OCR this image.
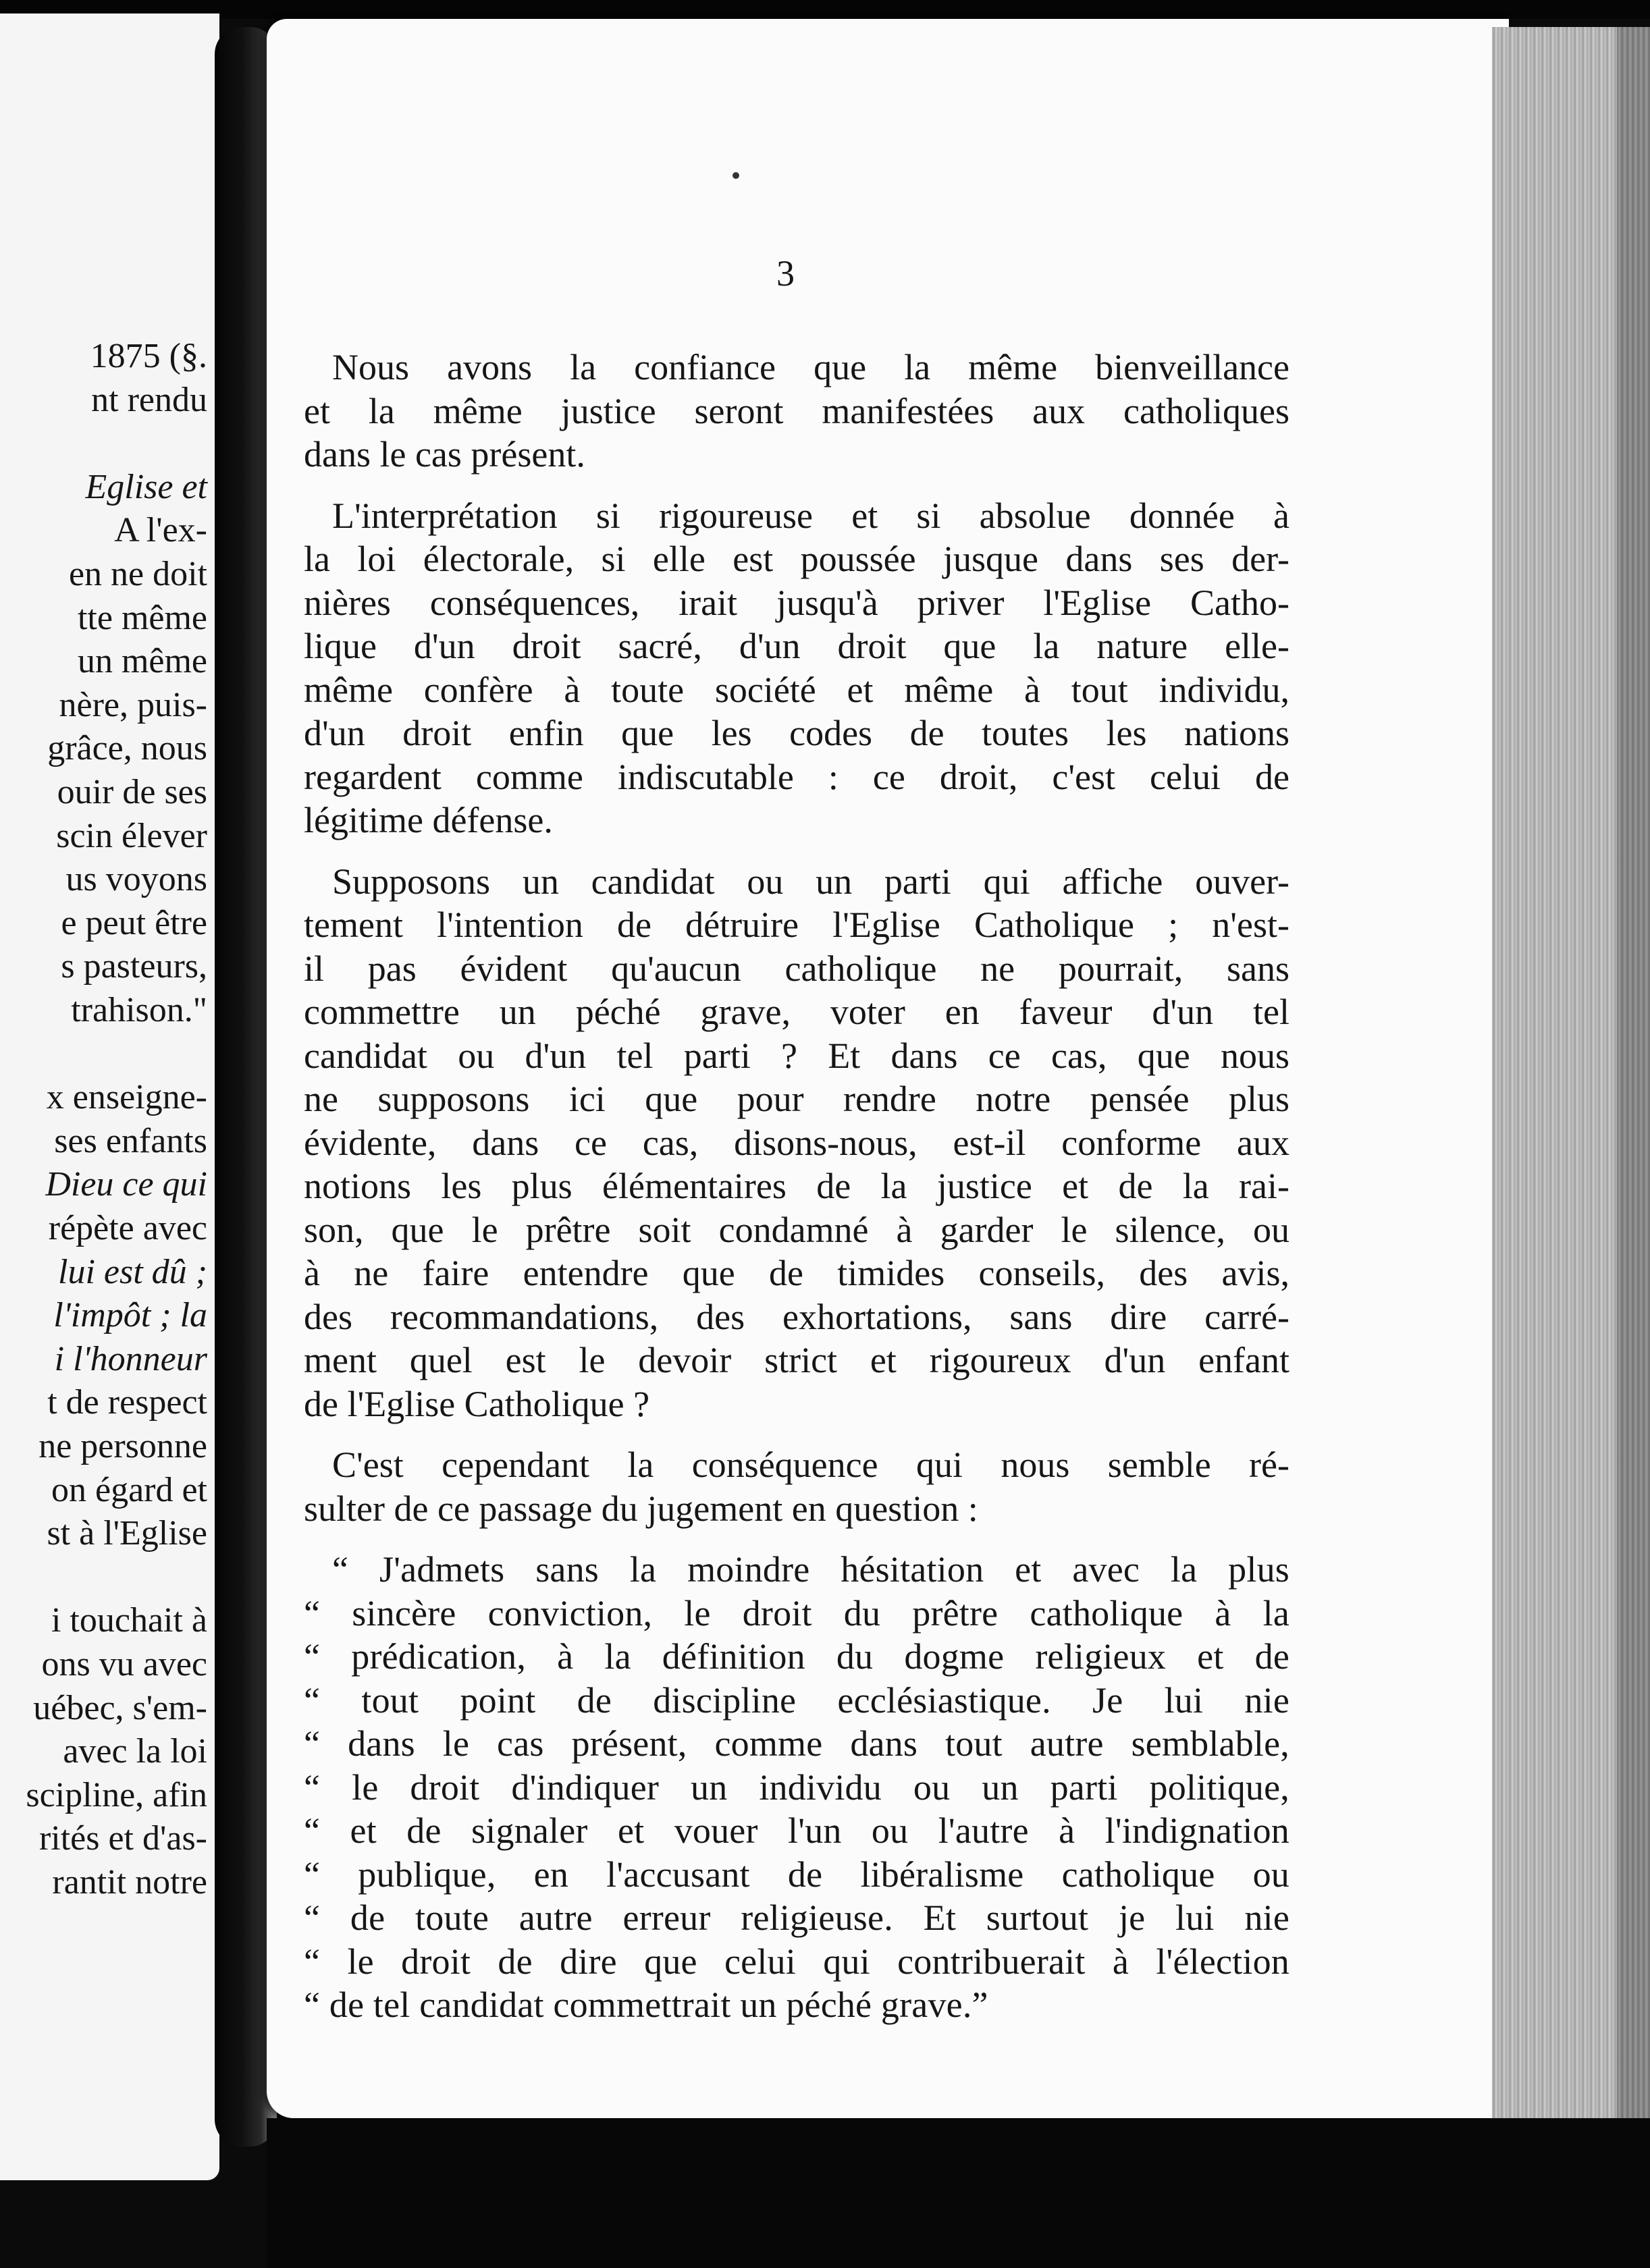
1875 (§.
nt rendu
Eglise et
A l'ex-
en ne doit
tte même
un même
nère, puis-
grâce, nous
ouir de ses
scin élever
us voyons
e peut être
s pasteurs,
trahison."
x enseigne-
ses enfants
Dieu ce qui
répète avec
lui est dû ;
l'impôt ; la
i l'honneur
t de respect
ne personne
on égard et
st à l'Eglise
i touchait à
ons vu avec
uébec, s'em-
avec la loi
scipline, afin
rités et d'as-
rantit notre
3

Nous avons la confiance que la même bienveillance
et la même justice seront manifestées aux catholiques
dans le cas présent.

L'interprétation si rigoureuse et si absolue donnée à
la loi électorale, si elle est poussée jusque dans ses der-
nières conséquences, irait jusqu'à priver l'Eglise Catho-
lique d'un droit sacré, d'un droit que la nature elle-
même confère à toute société et même à tout individu,
d'un droit enfin que les codes de toutes les nations
regardent comme indiscutable : ce droit, c'est celui de
légitime défense.

Supposons un candidat ou un parti qui affiche ouver-
tement l'intention de détruire l'Eglise Catholique ; n'est-
il pas évident qu'aucun catholique ne pourrait, sans
commettre un péché grave, voter en faveur d'un tel
candidat ou d'un tel parti ? Et dans ce cas, que nous
ne supposons ici que pour rendre notre pensée plus
évidente, dans ce cas, disons-nous, est-il conforme aux
notions les plus élémentaires de la justice et de la rai-
son, que le prêtre soit condamné à garder le silence, ou
à ne faire entendre que de timides conseils, des avis,
des recommandations, des exhortations, sans dire carré-
ment quel est le devoir strict et rigoureux d'un enfant
de l'Eglise Catholique ?

C'est cependant la conséquence qui nous semble ré-
sulter de ce passage du jugement en question :

“ J'admets sans la moindre hésitation et avec la plus
“ sincère conviction, le droit du prêtre catholique à la
“ prédication, à la définition du dogme religieux et de
“ tout point de discipline ecclésiastique. Je lui nie
“ dans le cas présent, comme dans tout autre semblable,
“ le droit d'indiquer un individu ou un parti politique,
“ et de signaler et vouer l'un ou l'autre à l'indignation
“ publique, en l'accusant de libéralisme catholique ou
“ de toute autre erreur religieuse. Et surtout je lui nie
“ le droit de dire que celui qui contribuerait à l'élection
“ de tel candidat commettrait un péché grave.”
